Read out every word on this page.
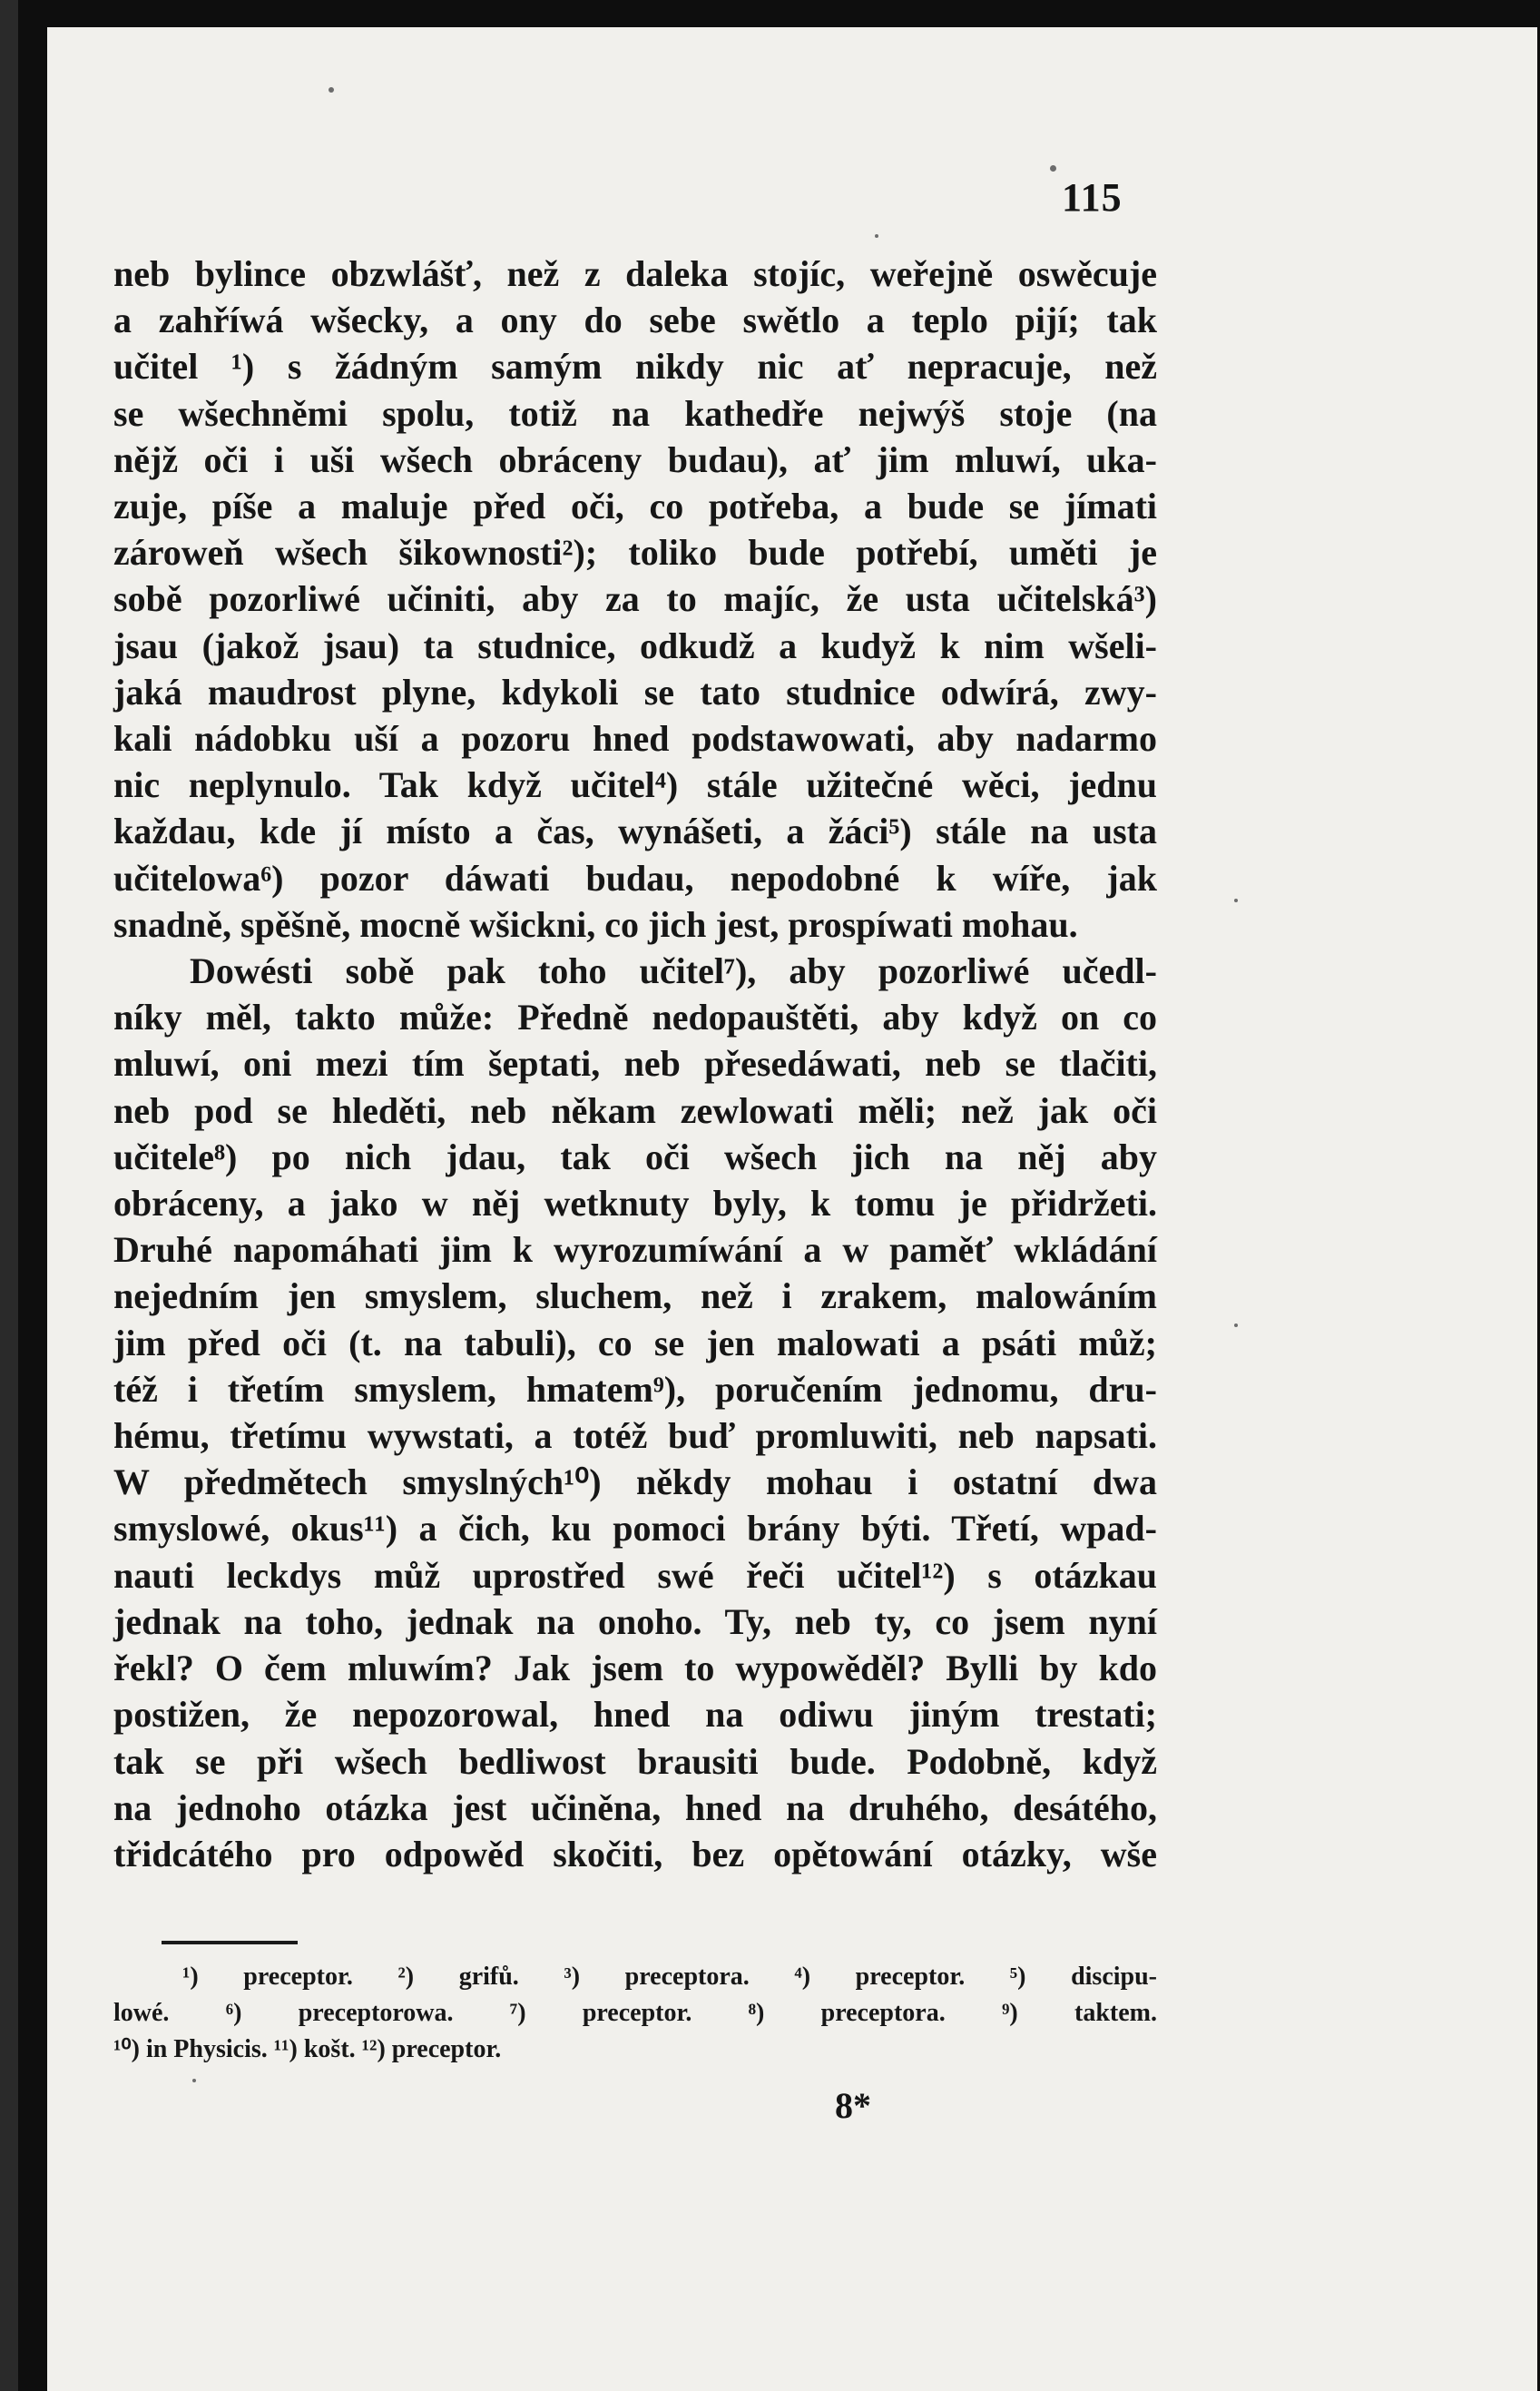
115
neb bylince obzwlášť, než z daleka stojíc, weřejně oswěcuje
a zahříwá wšecky, a ony do sebe swětlo a teplo pijí; tak
učitel ¹) s žádným samým nikdy nic ať nepracuje, než
se wšechněmi spolu, totiž na kathedře nejwýš stoje (na
nějž oči i uši wšech obráceny budau), ať jim mluwí, uka-
zuje, píše a maluje před oči, co potřeba, a bude se jímati
zároweň wšech šikownosti²); toliko bude potřebí, uměti je
sobě pozorliwé učiniti, aby za to majíc, že usta učitelská³)
jsau (jakož jsau) ta studnice, odkudž a kudyž k nim wšeli-
jaká maudrost plyne, kdykoli se tato studnice odwírá, zwy-
kali nádobku uší a pozoru hned podstawowati, aby nadarmo
nic neplynulo. Tak když učitel⁴) stále užitečné wěci, jednu
každau, kde jí místo a čas, wynášeti, a žáci⁵) stále na usta
učitelowa⁶) pozor dáwati budau, nepodobné k wíře, jak
snadně, spěšně, mocně wšickni, co jich jest, prospíwati mohau.
Dowésti sobě pak toho učitel⁷), aby pozorliwé učedl-
níky měl, takto může: Předně nedopauštěti, aby když on co
mluwí, oni mezi tím šeptati, neb přesedáwati, neb se tlačiti,
neb pod se hleděti, neb někam zewlowati měli; než jak oči
učitele⁸) po nich jdau, tak oči wšech jich na něj aby
obráceny, a jako w něj wetknuty byly, k tomu je přidržeti.
Druhé napomáhati jim k wyrozumíwání a w paměť wkládání
nejedním jen smyslem, sluchem, než i zrakem, malowáním
jim před oči (t. na tabuli), co se jen malowati a psáti můž;
též i třetím smyslem, hmatem⁹), poručením jednomu, dru-
hému, třetímu wywstati, a totéž buď promluwiti, neb napsati.
W předmětech smyslných¹⁰) někdy mohau i ostatní dwa
smyslowé, okus¹¹) a čich, ku pomoci brány býti. Třetí, wpad-
nauti leckdys můž uprostřed swé řeči učitel¹²) s otázkau
jednak na toho, jednak na onoho. Ty, neb ty, co jsem nyní
řekl? O čem mluwím? Jak jsem to wypowěděl? Bylli by kdo
postižen, že nepozorowal, hned na odiwu jiným trestati;
tak se při wšech bedliwost brausiti bude. Podobně, když
na jednoho otázka jest učiněna, hned na druhého, desátého,
třidcátého pro odpowěd skočiti, bez opětowání otázky, wše
¹) preceptor. ²) grifů. ³) preceptora. ⁴) preceptor. ⁵) discipu-
lowé. ⁶) preceptorowa. ⁷) preceptor. ⁸) preceptora. ⁹) taktem.
¹⁰) in Physicis. ¹¹) košt. ¹²) preceptor.
8*
